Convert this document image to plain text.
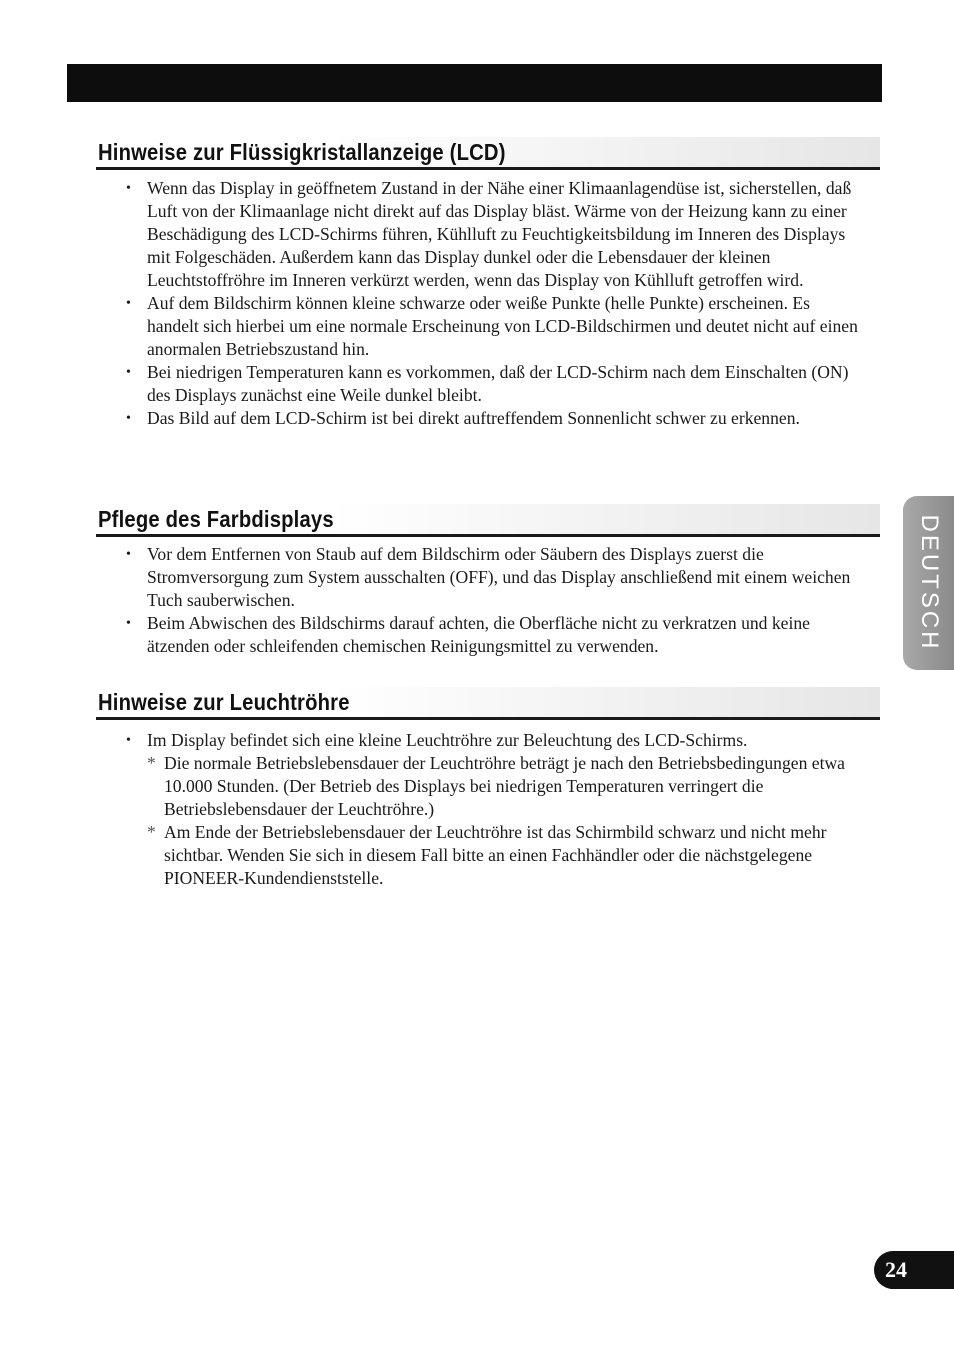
Hinweise zur Flüssigkristallanzeige (LCD)
• Wenn das Display in geöffnetem Zustand in der Nähe einer Klimaanlagendüse ist, sicherstellen, daß Luft von der Klimaanlage nicht direkt auf das Display bläst. Wärme von der Heizung kann zu einer Beschädigung des LCD-Schirms führen, Kühlluft zu Feuchtigkeitsbildung im Inneren des Displays mit Folgeschäden. Außerdem kann das Display dunkel oder die Lebensdauer der kleinen Leuchtstoffröhre im Inneren verkürzt werden, wenn das Display von Kühlluft getroffen wird.
• Auf dem Bildschirm können kleine schwarze oder weiße Punkte (helle Punkte) erscheinen. Es handelt sich hierbei um eine normale Erscheinung von LCD-Bildschirmen und deutet nicht auf einen anormalen Betriebszustand hin.
• Bei niedrigen Temperaturen kann es vorkommen, daß der LCD-Schirm nach dem Einschalten (ON) des Displays zunächst eine Weile dunkel bleibt.
• Das Bild auf dem LCD-Schirm ist bei direkt auftreffendem Sonnenlicht schwer zu erkennen.
Pflege des Farbdisplays
• Vor dem Entfernen von Staub auf dem Bildschirm oder Säubern des Displays zuerst die Stromversorgung zum System ausschalten (OFF), und das Display anschließend mit einem weichen Tuch sauberwischen.
• Beim Abwischen des Bildschirms darauf achten, die Oberfläche nicht zu verkratzen und keine ätzenden oder schleifenden chemischen Reinigungsmittel zu verwenden.
Hinweise zur Leuchtröhre
• Im Display befindet sich eine kleine Leuchtröhre zur Beleuchtung des LCD-Schirms.
* Die normale Betriebslebensdauer der Leuchtröhre beträgt je nach den Betriebsbedingungen etwa 10.000 Stunden. (Der Betrieb des Displays bei niedrigen Temperaturen verringert die Betriebslebensdauer der Leuchtröhre.)
* Am Ende der Betriebslebensdauer der Leuchtröhre ist das Schirmbild schwarz und nicht mehr sichtbar. Wenden Sie sich in diesem Fall bitte an einen Fachhändler oder die nächstgelegene PIONEER-Kundendienststelle.
DEUTSCH
24
